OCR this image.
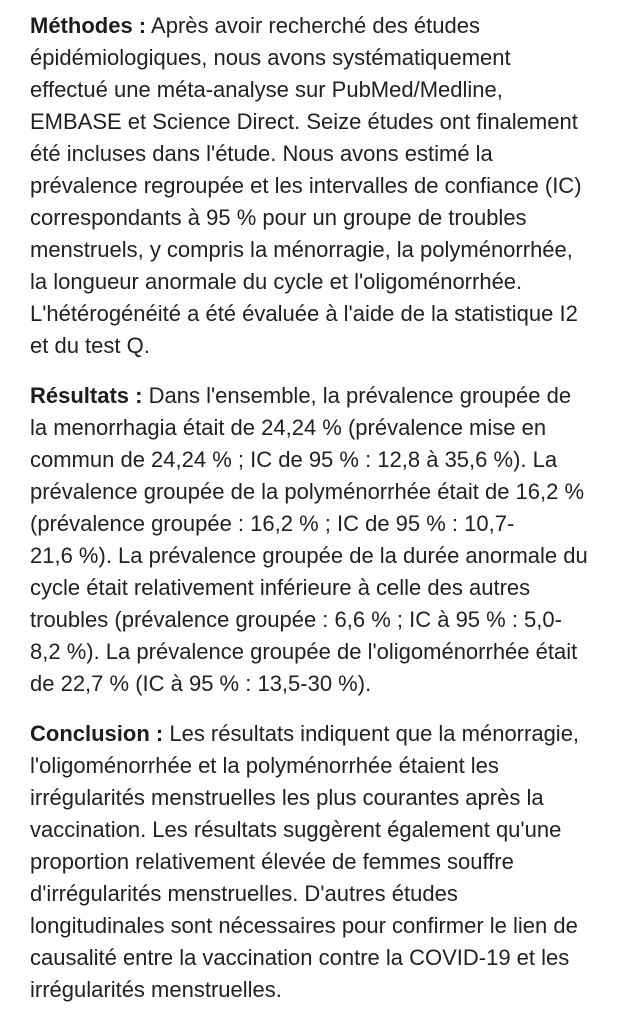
Méthodes : Après avoir recherché des études épidémiologiques, nous avons systématiquement effectué une méta-analyse sur PubMed/Medline, EMBASE et Science Direct. Seize études ont finalement été incluses dans l'étude. Nous avons estimé la prévalence regroupée et les intervalles de confiance (IC) correspondants à 95 % pour un groupe de troubles menstruels, y compris la ménorragie, la polyménorrhée, la longueur anormale du cycle et l'oligoménorrhée. L'hétérogénéité a été évaluée à l'aide de la statistique I2 et du test Q.

Résultats : Dans l'ensemble, la prévalence groupée de la menorrhagia était de 24,24 % (prévalence mise en commun de 24,24 % ; IC de 95 % : 12,8 à 35,6 %). La prévalence groupée de la polyménorrhée était de 16,2 % (prévalence groupée : 16,2 % ; IC de 95 % : 10,7-21,6 %). La prévalence groupée de la durée anormale du cycle était relativement inférieure à celle des autres troubles (prévalence groupée : 6,6 % ; IC à 95 % : 5,0-8,2 %). La prévalence groupée de l'oligoménorrhée était de 22,7 % (IC à 95 % : 13,5-30 %).

Conclusion : Les résultats indiquent que la ménorragie, l'oligoménorrhée et la polyménorrhée étaient les irrégularités menstruelles les plus courantes après la vaccination. Les résultats suggèrent également qu'une proportion relativement élevée de femmes souffre d'irrégularités menstruelles. D'autres études longitudinales sont nécessaires pour confirmer le lien de causalité entre la vaccination contre la COVID-19 et les irrégularités menstruelles.
